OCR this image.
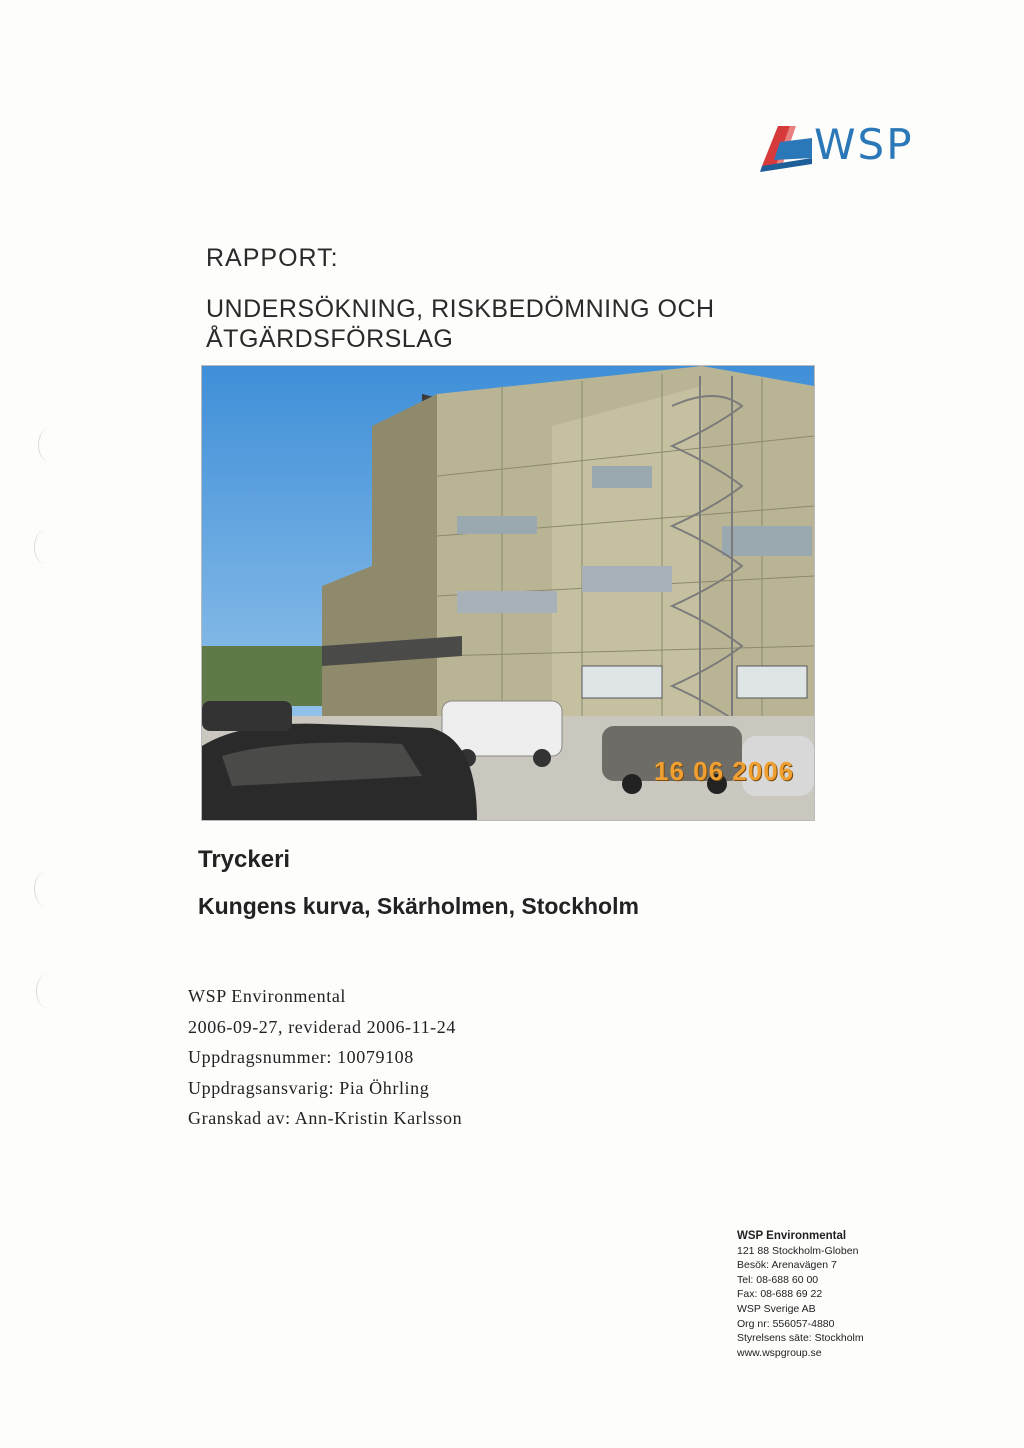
WSP
RAPPORT:
UNDERSÖKNING, RISKBEDÖMNING OCH
ÅTGÄRDSFÖRSLAG
16 06 2006
Tryckeri
Kungens kurva, Skärholmen, Stockholm
WSP Environmental
2006-09-27, reviderad 2006-11-24
Uppdragsnummer: 10079108
Uppdragsansvarig: Pia Öhrling
Granskad av: Ann-Kristin Karlsson
WSP Environmental
121 88 Stockholm-Globen
Besök: Arenavägen 7
Tel: 08-688 60 00
Fax: 08-688 69 22
WSP Sverige AB
Org nr: 556057-4880
Styrelsens säte: Stockholm
www.wspgroup.se
